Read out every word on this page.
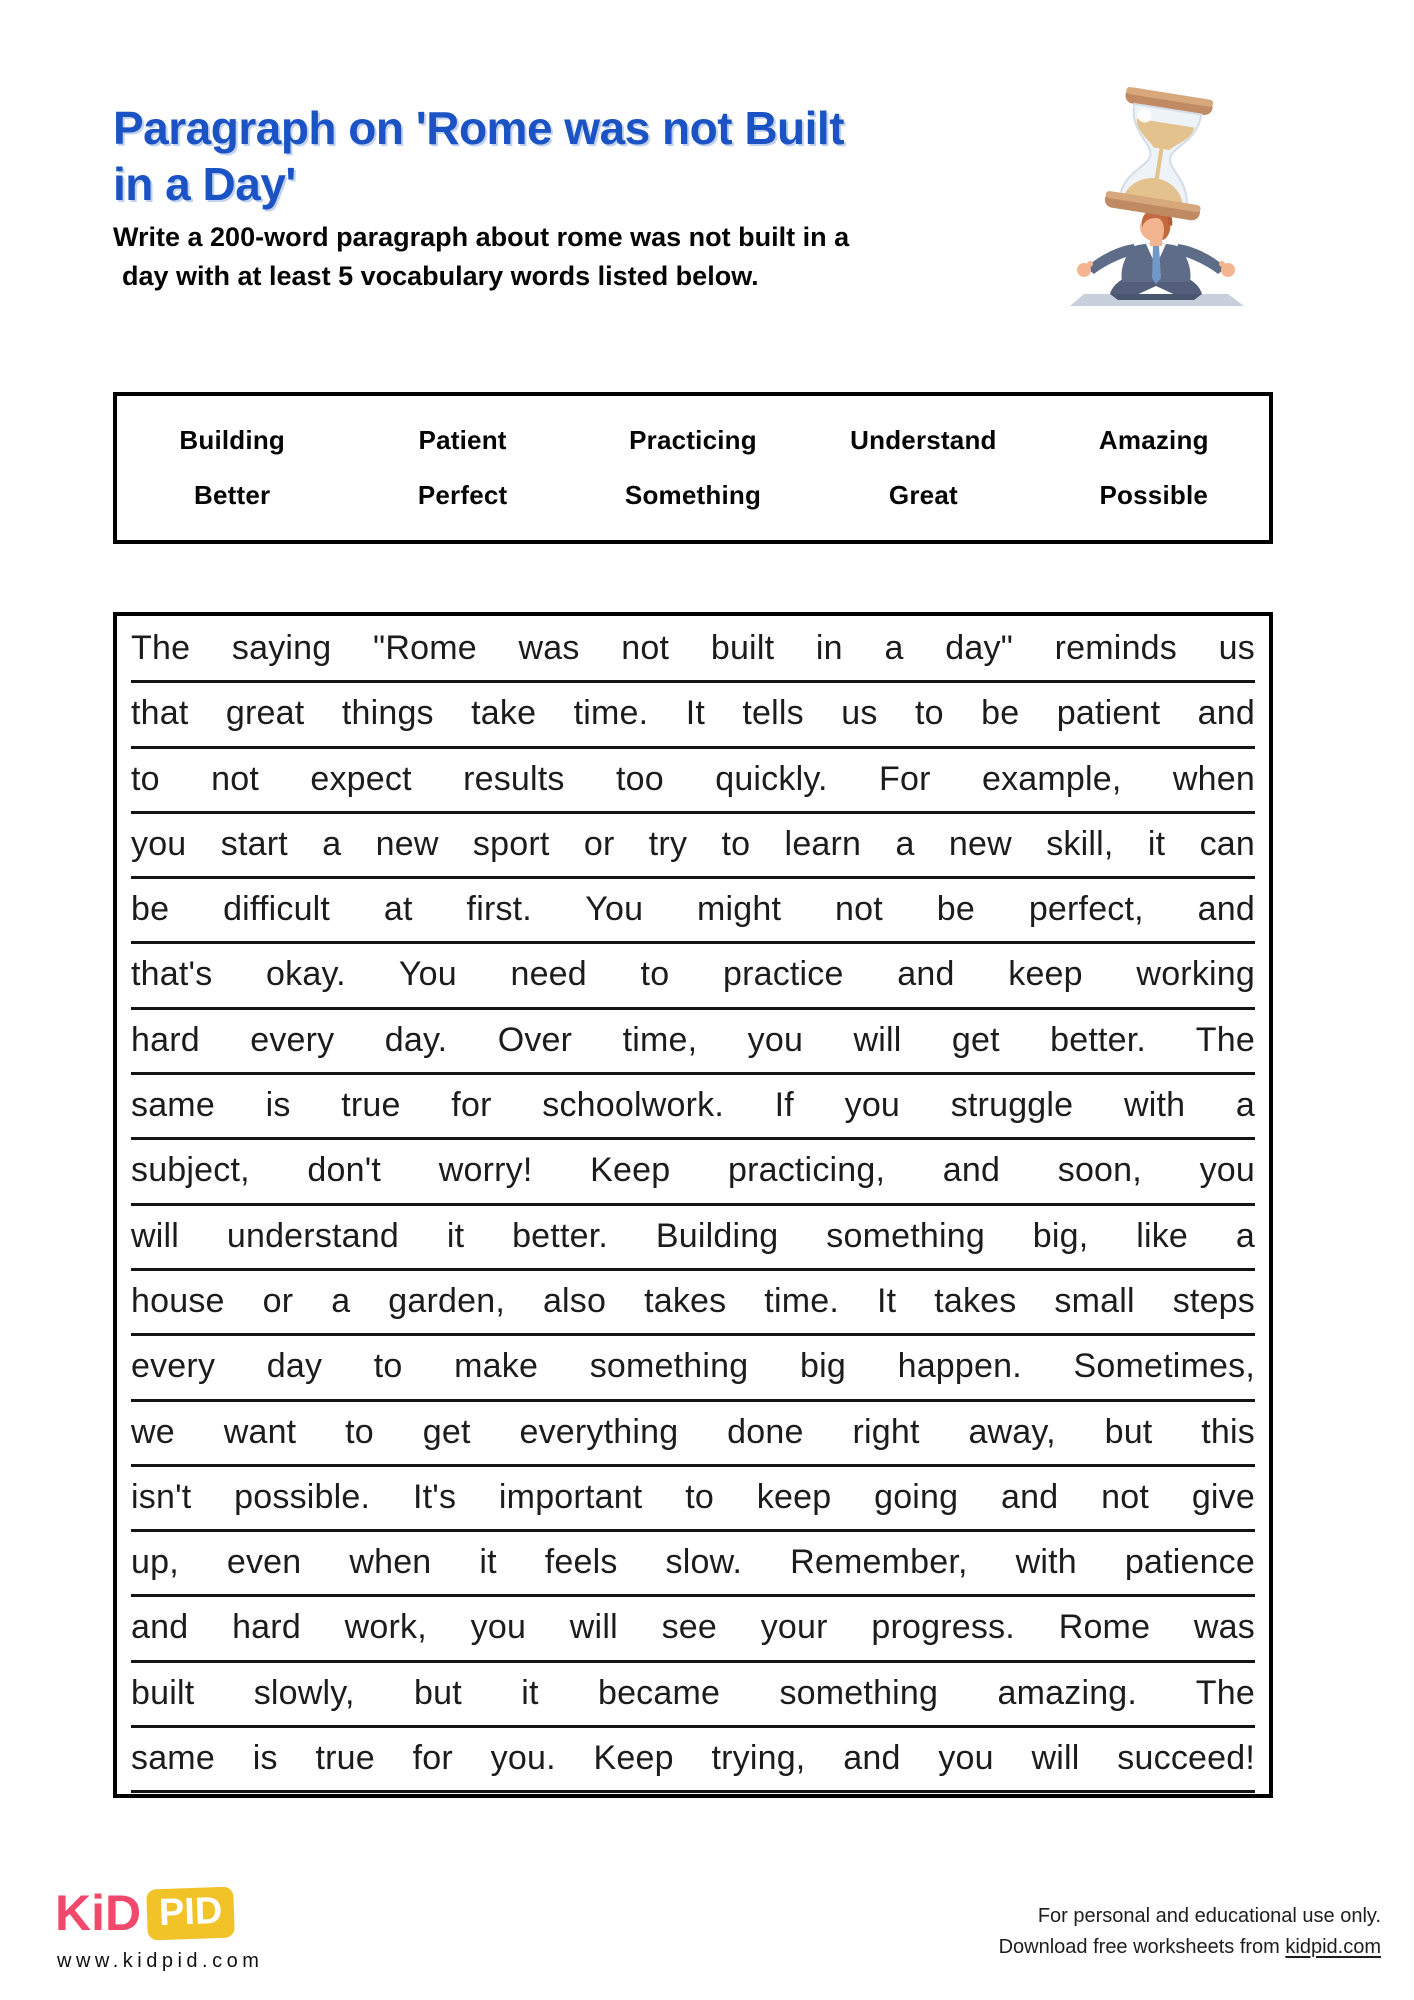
Paragraph on 'Rome was not Built
in a Day'
Write a 200-word paragraph about rome was not built in a
day with at least 5 vocabulary words listed below.
Building	Patient	Practicing	Understand	Amazing
Better	Perfect	Something	Great	Possible
The saying "Rome was not built in a day" reminds us
that great things take time. It tells us to be patient and
to not expect results too quickly. For example, when
you start a new sport or try to learn a new skill, it can
be difficult at first. You might not be perfect, and
that's okay. You need to practice and keep working
hard every day. Over time, you will get better. The
same is true for schoolwork. If you struggle with a
subject, don't worry! Keep practicing, and soon, you
will understand it better. Building something big, like a
house or a garden, also takes time. It takes small steps
every day to make something big happen. Sometimes,
we want to get everything done right away, but this
isn't possible. It's important to keep going and not give
up, even when it feels slow. Remember, with patience
and hard work, you will see your progress. Rome was
built slowly, but it became something amazing. The
same is true for you. Keep trying, and you will succeed!
KiD PID
www.kidpid.com
For personal and educational use only.
Download free worksheets from kidpid.com
